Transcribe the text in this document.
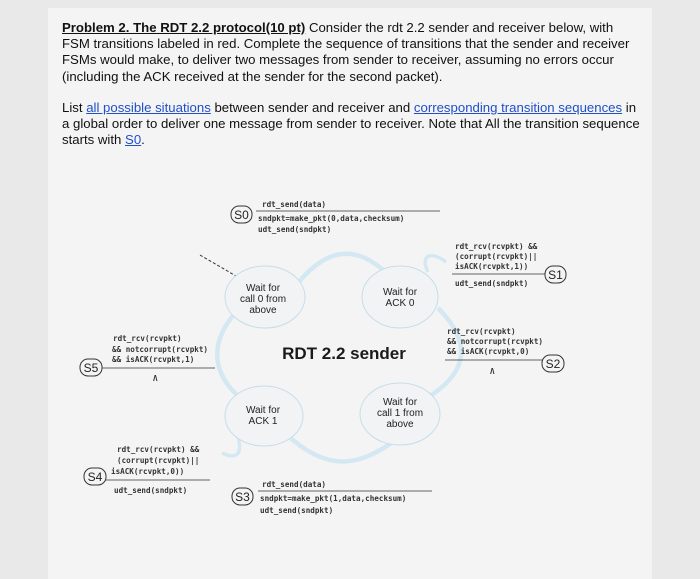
Problem 2. The RDT 2.2 protocol(10 pt) Consider the rdt 2.2 sender and receiver below, with FSM transitions labeled in red. Complete the sequence of transitions that the sender and receiver FSMs would make, to deliver two messages from sender to receiver, assuming no errors occur (including the ACK received at the sender for the second packet).
List all possible situations between sender and receiver and corresponding transition sequences in a global order to deliver one message from sender to receiver. Note that All the transition sequence starts with S0.
Wait for
call 0 from
above
Wait for
ACK 0
Wait for
ACK 1
Wait for
call 1 from
above
RDT 2.2 sender
S0
rdt_send(data)
sndpkt=make_pkt(0,data,checksum)
udt_send(sndpkt)
rdt_rcv(rcvpkt) &&
(corrupt(rcvpkt)||
isACK(rcvpkt,1))
udt_send(sndpkt)
S1
rdt_rcv(rcvpkt)
&& notcorrupt(rcvpkt)
&& isACK(rcvpkt,0)
Λ
S2
S3
rdt_send(data)
sndpkt=make_pkt(1,data,checksum)
udt_send(sndpkt)
rdt_rcv(rcvpkt) &&
(corrupt(rcvpkt)||
isACK(rcvpkt,0))
S4
udt_send(sndpkt)
rdt_rcv(rcvpkt)
&& notcorrupt(rcvpkt)
&& isACK(rcvpkt,1)
S5
Λ
